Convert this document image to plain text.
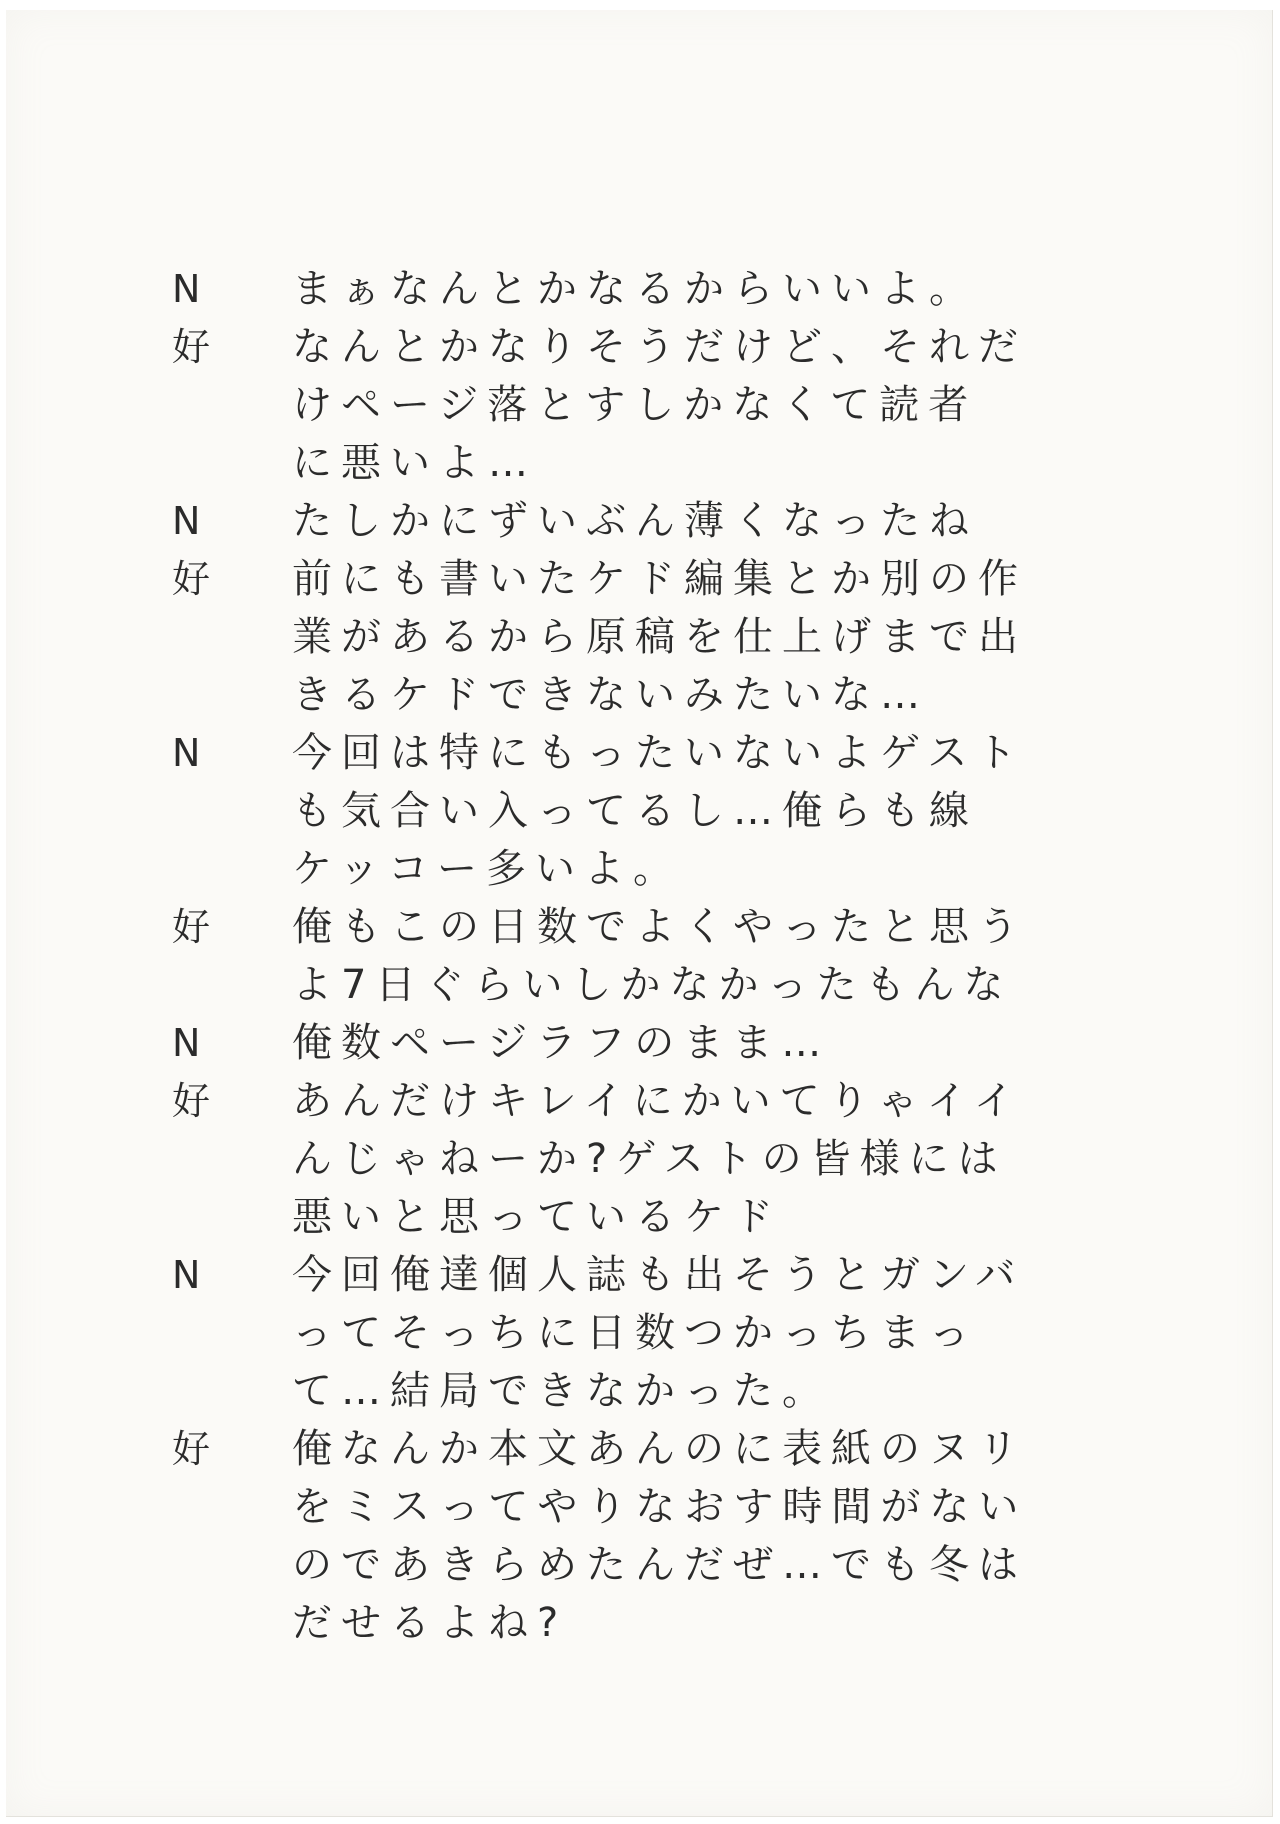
N	まぁなんとかなるからいいよ。
好	なんとかなりそうだけど、それだ
けページ落とすしかなくて読者
に悪いよ…
N	たしかにずいぶん薄くなったね
好	前にも書いたケド編集とか別の作
業があるから原稿を仕上げまで出
きるケドできないみたいな…
N	今回は特にもったいないよゲスト
も気合い入ってるし…俺らも線
ケッコー多いよ。
好	俺もこの日数でよくやったと思う
よ7日ぐらいしかなかったもんな
N	俺数ページラフのまま…
好	あんだけキレイにかいてりゃイイ
んじゃねーか?ゲストの皆様には
悪いと思っているケド
N	今回俺達個人誌も出そうとガンバ
ってそっちに日数つかっちまっ
て…結局できなかった。
好	俺なんか本文あんのに表紙のヌリ
をミスってやりなおす時間がない
のであきらめたんだぜ…でも冬は
だせるよね?
